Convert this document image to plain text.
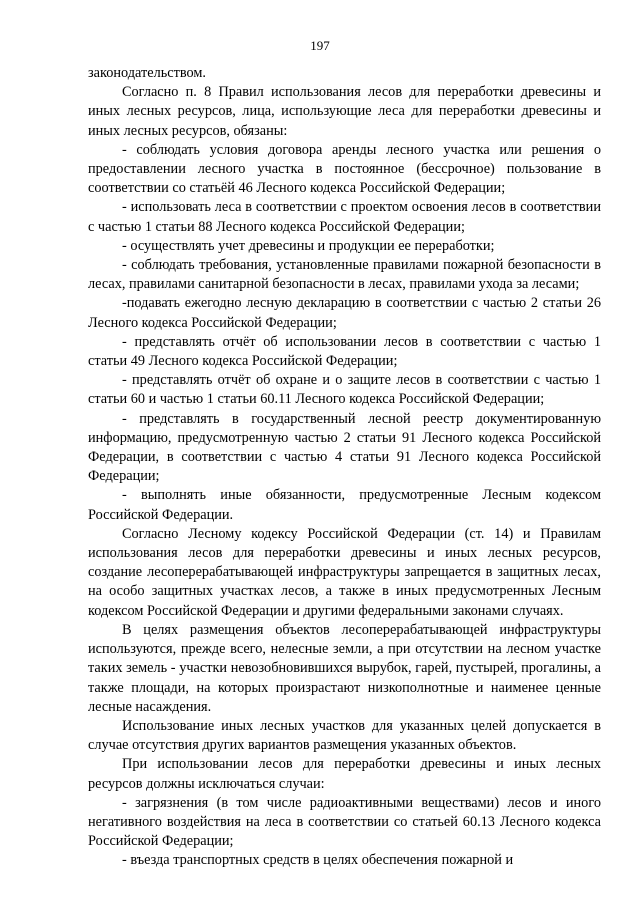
197

законодательством.

Согласно п. 8 Правил использования лесов для переработки древесины и иных лесных ресурсов, лица, использующие леса для переработки древесины и иных лесных ресурсов, обязаны:

- соблюдать условия договора аренды лесного участка или решения о предоставлении лесного участка в постоянное (бессрочное) пользование в соответствии со статьёй 46 Лесного кодекса Российской Федерации;

- использовать леса в соответствии с проектом освоения лесов в соответствии с частью 1 статьи 88 Лесного кодекса Российской Федерации;

- осуществлять учет древесины и продукции ее переработки;

- соблюдать требования, установленные правилами пожарной безопасности в лесах, правилами санитарной безопасности в лесах, правилами ухода за лесами;

-подавать ежегодно лесную декларацию в соответствии с частью 2 статьи 26 Лесного кодекса Российской Федерации;

- представлять отчёт об использовании лесов в соответствии с частью 1 статьи 49 Лесного кодекса Российской Федерации;

- представлять отчёт об охране и о защите лесов в соответствии с частью 1 статьи 60 и частью 1 статьи 60.11 Лесного кодекса Российской Федерации;

- представлять в государственный лесной реестр документированную информацию, предусмотренную частью 2 статьи 91 Лесного кодекса Российской Федерации, в соответствии с частью 4 статьи 91 Лесного кодекса Российской Федерации;

- выполнять иные обязанности, предусмотренные Лесным кодексом Российской Федерации.

Согласно Лесному кодексу Российской Федерации (ст. 14) и Правилам использования лесов для переработки древесины и иных лесных ресурсов, создание лесоперерабатывающей инфраструктуры запрещается в защитных лесах, на особо защитных участках лесов, а также в иных предусмотренных Лесным кодексом Российской Федерации и другими федеральными законами случаях.

В целях размещения объектов лесоперерабатывающей инфраструктуры используются, прежде всего, нелесные земли, а при отсутствии на лесном участке таких земель - участки невозобновившихся вырубок, гарей, пустырей, прогалины, а также площади, на которых произрастают низкополнотные и наименее ценные лесные насаждения.

Использование иных лесных участков для указанных целей допускается в случае отсутствия других вариантов размещения указанных объектов.

При использовании лесов для переработки древесины и иных лесных ресурсов должны исключаться случаи:

- загрязнения (в том числе радиоактивными веществами) лесов и иного негативного воздействия на леса в соответствии со статьей 60.13 Лесного кодекса Российской Федерации;

- въезда транспортных средств в целях обеспечения пожарной и
